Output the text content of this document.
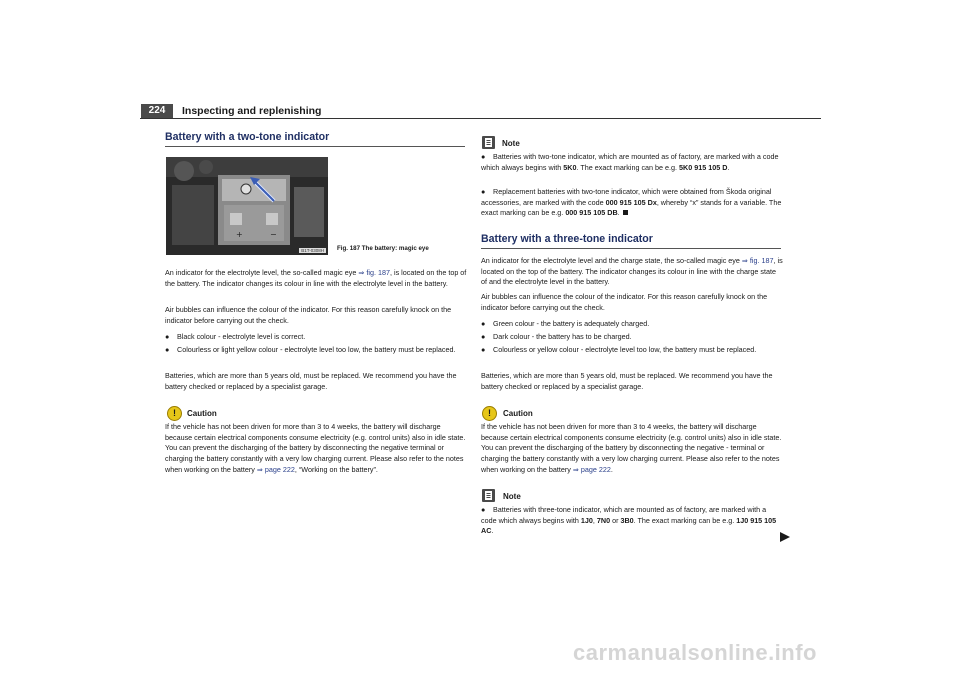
224	Inspecting and replenishing
Battery with a two-tone indicator
+	−
B1T-0308H	Fig. 187 The battery: magic eye
An indicator for the electrolyte level, the so-called magic eye ⇒ fig. 187, is located on the top of the battery. The indicator changes its colour in line with the electrolyte level in the battery.
Air bubbles can influence the colour of the indicator. For this reason carefully knock on the indicator before carrying out the check.
● Black colour - electrolyte level is correct.
● Colourless or light yellow colour - electrolyte level too low, the battery must be replaced.
Batteries, which are more than 5 years old, must be replaced. We recommend you have the battery checked or replaced by a specialist garage.
!	Caution
If the vehicle has not been driven for more than 3 to 4 weeks, the battery will discharge because certain electrical components consume electricity (e.g. control units) also in idle state. You can prevent the discharging of the battery by disconnecting the negative terminal or charging the battery constantly with a very low charging current. Please also refer to the notes when working on the battery ⇒ page 222, “Working on the battery”.
Note
● Batteries with two-tone indicator, which are mounted as of factory, are marked with a code which always begins with 5K0. The exact marking can be e.g. 5K0 915 105 D.
● Replacement batteries with two-tone indicator, which were obtained from Škoda original accessories, are marked with the code 000 915 105 Dx, whereby “x” stands for a variable. The exact marking can be e.g. 000 915 105 DB.
Battery with a three-tone indicator
An indicator for the electrolyte level and the charge state, the so-called magic eye ⇒ fig. 187, is located on the top of the battery. The indicator changes its colour in line with the charge state of and the electrolyte level in the battery.
Air bubbles can influence the colour of the indicator. For this reason carefully knock on the indicator before carrying out the check.
● Green colour - the battery is adequately charged.
● Dark colour - the battery has to be charged.
● Colourless or yellow colour - electrolyte level too low, the battery must be replaced.
Batteries, which are more than 5 years old, must be replaced. We recommend you have the battery checked or replaced by a specialist garage.
!	Caution
If the vehicle has not been driven for more than 3 to 4 weeks, the battery will discharge because certain electrical components consume electricity (e.g. control units) also in idle state. You can prevent the discharging of the battery by disconnecting the negative - terminal or charging the battery constantly with a very low charging current. Please also refer to the notes when working on the battery ⇒ page 222.
Note
● Batteries with three-tone indicator, which are mounted as of factory, are marked with a code which always begins with 1J0, 7N0 or 3B0. The exact marking can be e.g. 1J0 915 105 AC.
carmanualsonline.info
